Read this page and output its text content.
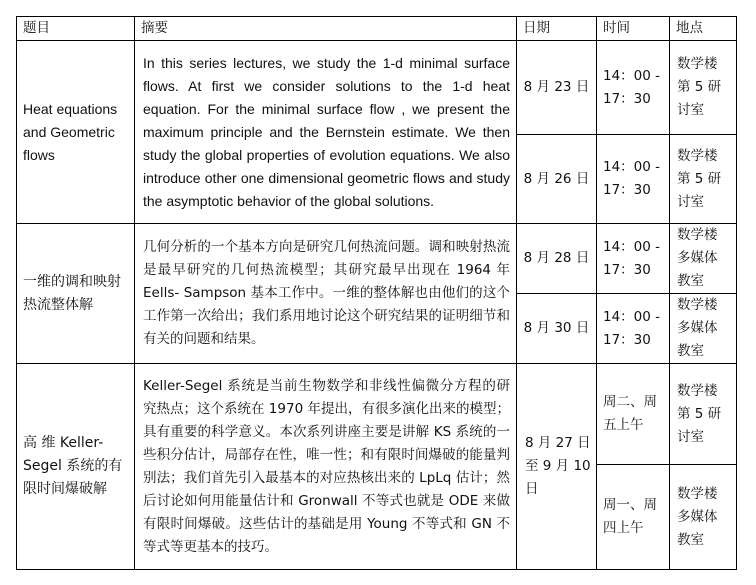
题目	摘要	日期	时间	地点
Heat equations and Geometric flows	In this series lectures, we study the 1-d minimal surface flows. At first we consider solutions to the 1-d heat equation. For the minimal surface flow , we present the maximum principle and the Bernstein estimate. We then study the global properties of evolution equations. We also introduce other one dimensional geometric flows and study the asymptotic behavior of the global solutions.	8 月 23 日	14：00 - 17：30	数学楼第 5 研讨室
		8 月 26 日	14：00 - 17：30	数学楼第 5 研讨室
一维的调和映射热流整体解	几何分析的一个基本方向是研究几何热流问题。调和映射热流是最早研究的几何热流模型；其研究最早出现在 1964 年 Eells- Sampson 基本工作中。一维的整体解也由他们的这个工作第一次给出；我们系用地讨论这个研究结果的证明细节和有关的问题和结果。	8 月 28 日	14：00 - 17：30	数学楼多媒体教室
		8 月 30 日	14：00 - 17：30	数学楼多媒体教室
高 维 Keller-Segel 系统的有限时间爆破解	Keller-Segel 系统是当前生物数学和非线性偏微分方程的研究热点；这个系统在 1970 年提出，有很多演化出来的模型；具有重要的科学意义。本次系列讲座主要是讲解 KS 系统的一些积分估计，局部存在性，唯一性；和有限时间爆破的能量判别法；我们首先引入最基本的对应热核出来的 LpLq 估计；然后讨论如何用能量估计和 Gronwall 不等式也就是 ODE 来做有限时间爆破。这些估计的基础是用 Young 不等式和 GN 不等式等更基本的技巧。	8 月 27 日至 9 月 10 日	周二、周五上午	数学楼第 5 研讨室
			周一、周四上午	数学楼多媒体教室
